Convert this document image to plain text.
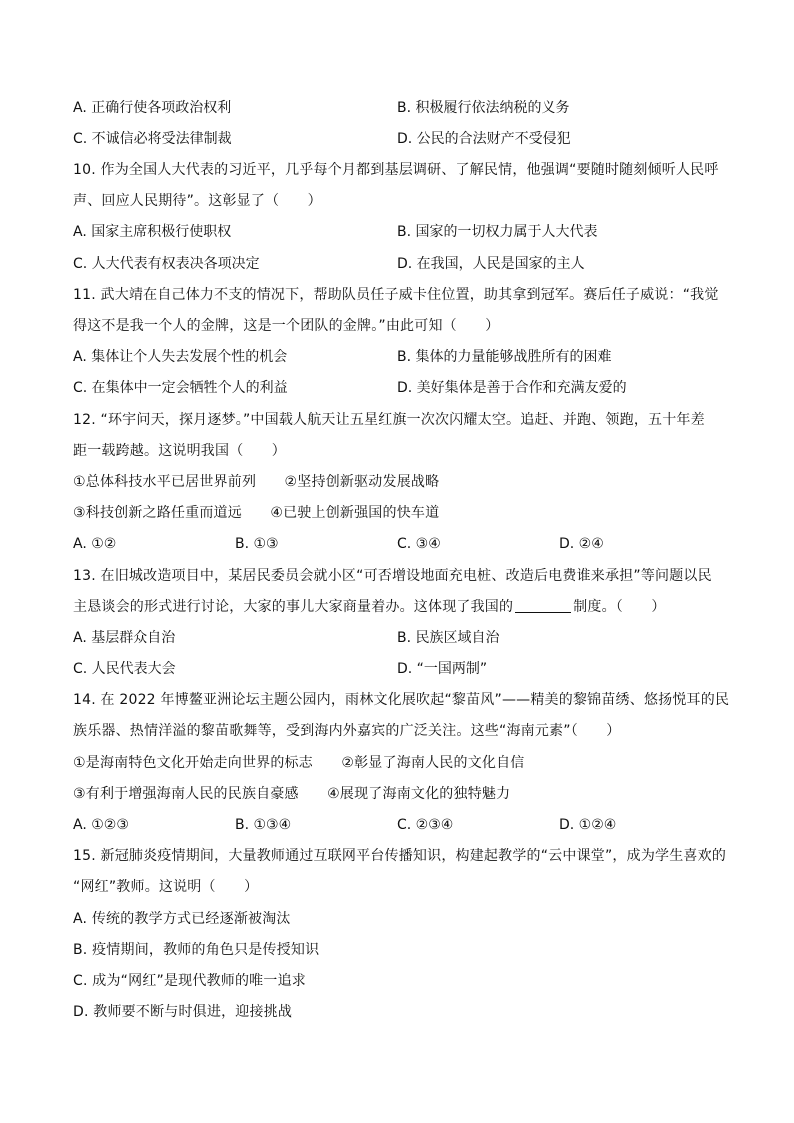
A. 正确行使各项政治权利	B. 积极履行依法纳税的义务
C. 不诚信必将受法律制裁	D. 公民的合法财产不受侵犯
10. 作为全国人大代表的习近平，几乎每个月都到基层调研、了解民情，他强调“要随时随刻倾听人民呼
声、回应人民期待”。这彰显了（　　）
A. 国家主席积极行使职权	B. 国家的一切权力属于人大代表
C. 人大代表有权表决各项决定	D. 在我国，人民是国家的主人
11. 武大靖在自己体力不支的情况下，帮助队员任子威卡住位置，助其拿到冠军。赛后任子威说：“我觉
得这不是我一个人的金牌，这是一个团队的金牌。”由此可知（　　）
A. 集体让个人失去发展个性的机会	B. 集体的力量能够战胜所有的困难
C. 在集体中一定会牺牲个人的利益	D. 美好集体是善于合作和充满友爱的
12. “环宇问天，探月逐梦。”中国载人航天让五星红旗一次次闪耀太空。追赶、并跑、领跑，五十年差
距一载跨越。这说明我国（　　）
①总体科技水平已居世界前列　　②坚持创新驱动发展战略
③科技创新之路任重而道远　　④已驶上创新强国的快车道
A. ①②	B. ①③	C. ③④	D. ②④
13. 在旧城改造项目中，某居民委员会就小区“可否增设地面充电桩、改造后电费谁来承担”等问题以民
主恳谈会的形式进行讨论，大家的事儿大家商量着办。这体现了我国的	制度。（　　）
A. 基层群众自治	B. 民族区域自治
C. 人民代表大会	D. “一国两制”
14. 在 2022 年博鳌亚洲论坛主题公园内，雨林文化展吹起“黎苗风”——精美的黎锦苗绣、悠扬悦耳的民
族乐器、热情洋溢的黎苗歌舞等，受到海内外嘉宾的广泛关注。这些“海南元素”（　　）
①是海南特色文化开始走向世界的标志　　②彰显了海南人民的文化自信
③有利于增强海南人民的民族自豪感　　④展现了海南文化的独特魅力
A. ①②③	B. ①③④	C. ②③④	D. ①②④
15. 新冠肺炎疫情期间，大量教师通过互联网平台传播知识，构建起教学的“云中课堂”，成为学生喜欢的
“网红”教师。这说明（　　）
A. 传统的教学方式已经逐渐被淘汰
B. 疫情期间，教师的角色只是传授知识
C. 成为“网红”是现代教师的唯一追求
D. 教师要不断与时俱进，迎接挑战
